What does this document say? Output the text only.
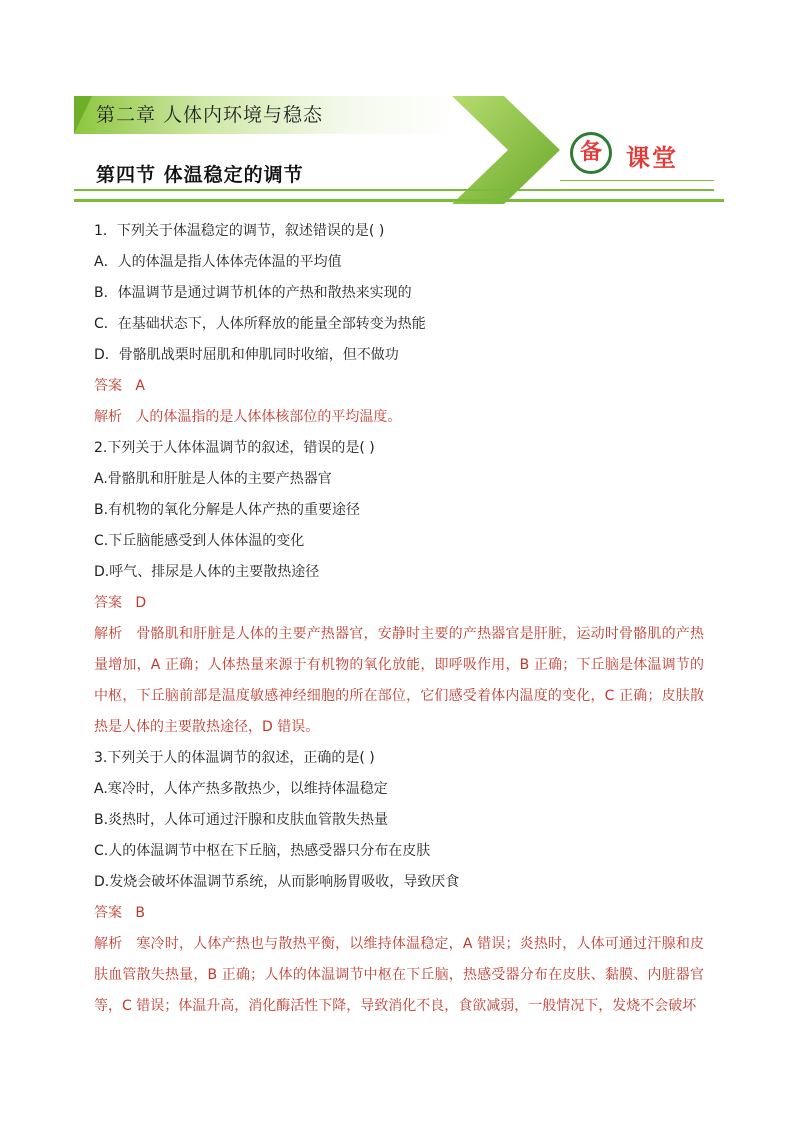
第二章 人体内环境与稳态
备	课堂
第四节 体温稳定的调节
1．下列关于体温稳定的调节，叙述错误的是( )
A．人的体温是指人体体壳体温的平均值
B．体温调节是通过调节机体的产热和散热来实现的
C．在基础状态下，人体所释放的能量全部转变为热能
D．骨骼肌战栗时屈肌和伸肌同时收缩，但不做功
答案 A
解析 人的体温指的是人体体核部位的平均温度。
2.下列关于人体体温调节的叙述，错误的是( )
A.骨骼肌和肝脏是人体的主要产热器官
B.有机物的氧化分解是人体产热的重要途径
C.下丘脑能感受到人体体温的变化
D.呼气、排尿是人体的主要散热途径
答案 D
解析 骨骼肌和肝脏是人体的主要产热器官，安静时主要的产热器官是肝脏，运动时骨骼肌的产热量增加，A 正确；人体热量来源于有机物的氧化放能，即呼吸作用，B 正确；下丘脑是体温调节的中枢，下丘脑前部是温度敏感神经细胞的所在部位，它们感受着体内温度的变化，C 正确；皮肤散热是人体的主要散热途径，D 错误。
3.下列关于人的体温调节的叙述，正确的是( )
A.寒冷时，人体产热多散热少，以维持体温稳定
B.炎热时，人体可通过汗腺和皮肤血管散失热量
C.人的体温调节中枢在下丘脑，热感受器只分布在皮肤
D.发烧会破坏体温调节系统，从而影响肠胃吸收，导致厌食
答案 B
解析 寒冷时，人体产热也与散热平衡，以维持体温稳定，A 错误；炎热时，人体可通过汗腺和皮肤血管散失热量，B 正确；人体的体温调节中枢在下丘脑，热感受器分布在皮肤、黏膜、内脏器官等，C 错误；体温升高，消化酶活性下降，导致消化不良，食欲减弱，一般情况下，发烧不会破坏
